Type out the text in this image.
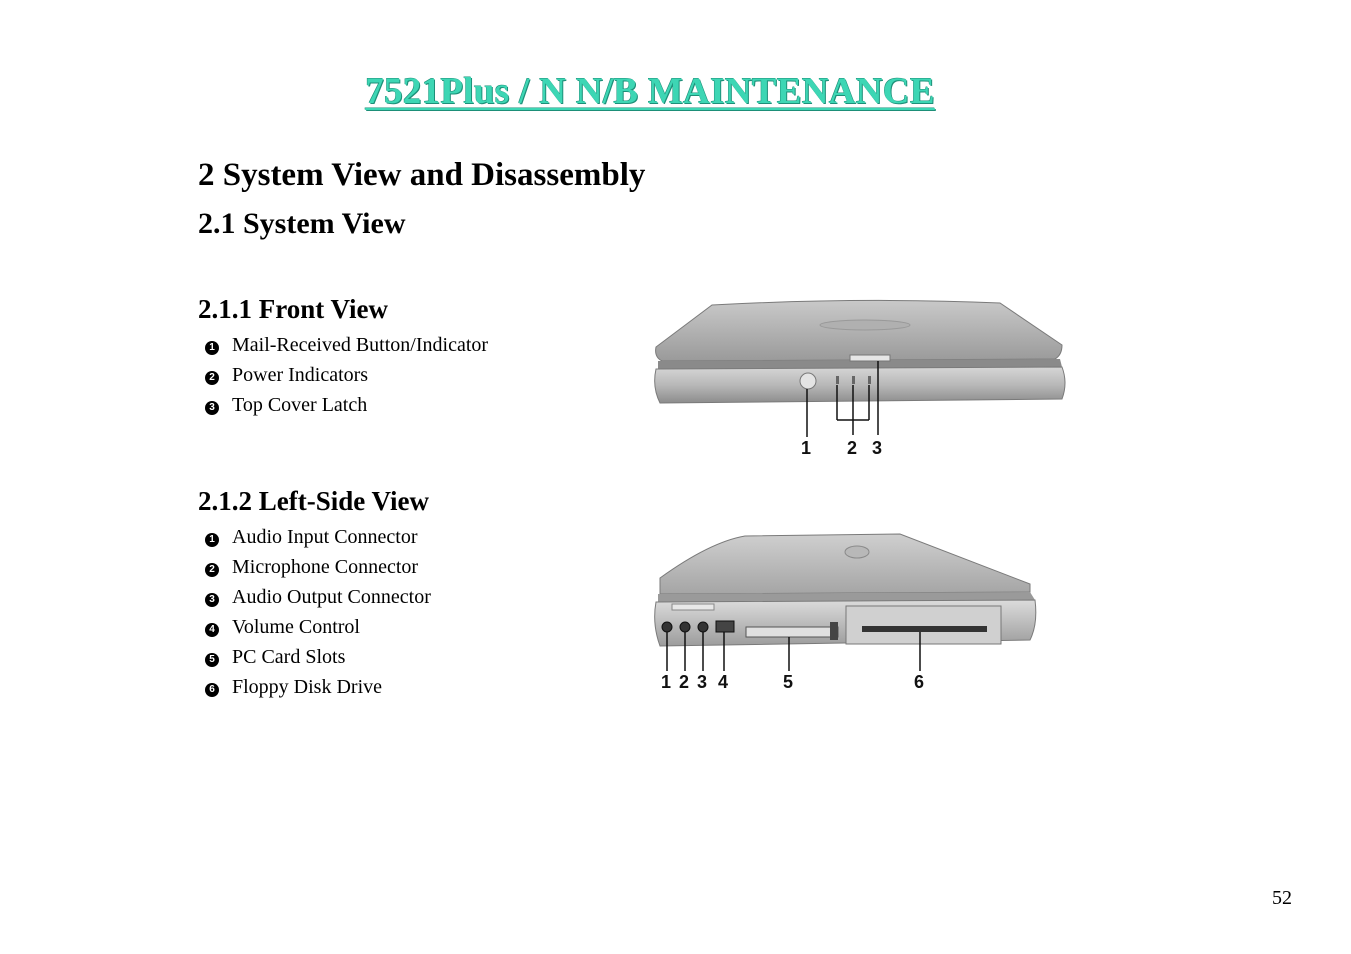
7521Plus / N N/B MAINTENANCE
2 System View and Disassembly
2.1 System View
2.1.1 Front View
1 Mail-Received Button/Indicator
2 Power Indicators
3 Top Cover Latch
1 2 3
2.1.2 Left-Side View
1 Audio Input Connector
2 Microphone Connector
3 Audio Output Connector
4 Volume Control
5 PC Card Slots
6 Floppy Disk Drive	1 2 3 4	5	6
52
